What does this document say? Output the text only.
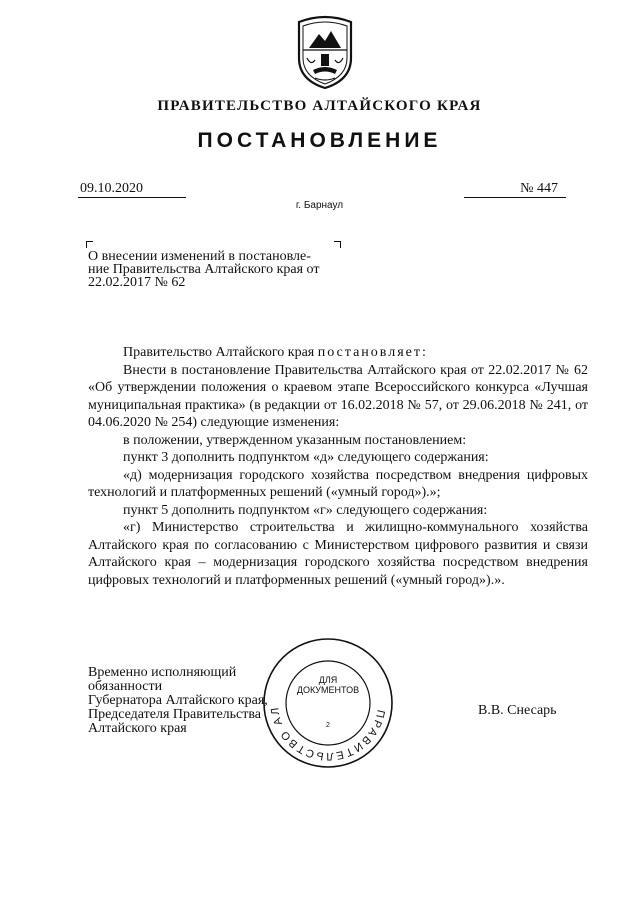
ПРАВИТЕЛЬСТВО АЛТАЙСКОГО КРАЯ
ПОСТАНОВЛЕНИЕ
09.10.2020	№ 447
г. Барнаул
О внесении изменений в постановле-
ние Правительства Алтайского края от
22.02.2017 № 62

Правительство Алтайского края постановляет:

Внести в постановление Правительства Алтайского края от 22.02.2017 № 62 «Об утверждении положения о краевом этапе Всероссийского конкурса «Лучшая муниципальная практика» (в редакции от 16.02.2018 № 57, от 29.06.2018 № 241, от 04.06.2020 № 254) следующие изменения:

в положении, утвержденном указанным постановлением:

пункт 3 дополнить подпунктом «д» следующего содержания:

«д) модернизация городского хозяйства посредством внедрения цифровых технологий и платформенных решений («умный город»).»;

пункт 5 дополнить подпунктом «г» следующего содержания:

«г) Министерство строительства и жилищно-коммунального хозяйства Алтайского края по согласованию с Министерством цифрового развития и связи Алтайского края – модернизация городского хозяйства посредством внедрения цифровых технологий и платформенных решений («умный город»).».

Временно исполняющий обязанности
Губернатора Алтайского края,
Председателя Правительства
Алтайского края
В.В. Снесарь
ПРАВИТЕЛЬСТВО АЛ
ДЛЯ
ДОКУМЕНТОВ
2
